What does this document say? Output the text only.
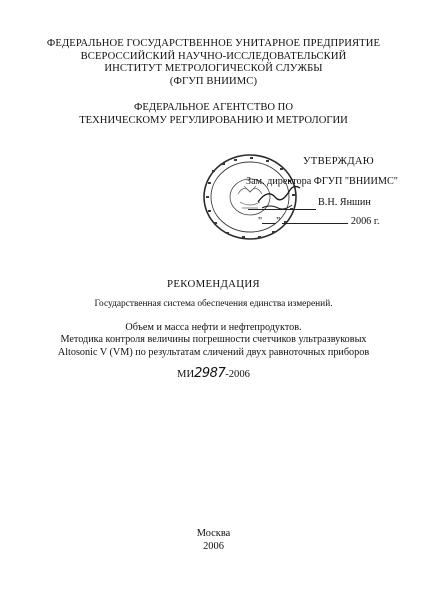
ФЕДЕРАЛЬНОЕ ГОСУДАРСТВЕННОЕ УНИТАРНОЕ ПРЕДПРИЯТИЕ
ВСЕРОССИЙСКИЙ НАУЧНО-ИССЛЕДОВАТЕЛЬСКИЙ
ИНСТИТУТ МЕТРОЛОГИЧЕСКОЙ СЛУЖБЫ
(ФГУП ВНИИМС)
ФЕДЕРАЛЬНОЕ АГЕНТСТВО ПО
ТЕХНИЧЕСКОМУ РЕГУЛИРОВАНИЮ И МЕТРОЛОГИИ
УТВЕРЖДАЮ
Зам. директора ФГУП "ВНИИМС"
В.Н. Яншин
" "	2006 г.
РЕКОМЕНДАЦИЯ
Государственная система обеспечения единства измерений.
Объем и масса нефти и нефтепродуктов.
Методика контроля величины погрешности счетчиков ультразвуковых
Altosonic V (VM) по результатам сличений двух равноточных приборов
МИ2987-2006
Москва
2006
